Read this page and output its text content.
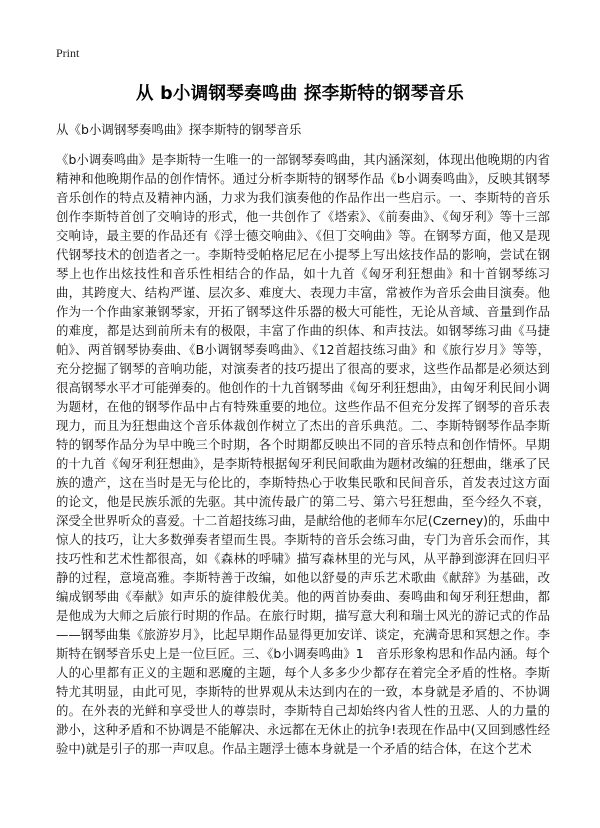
Print
从 b小调钢琴奏鸣曲 探李斯特的钢琴音乐
从《b小调钢琴奏鸣曲》探李斯特的钢琴音乐
《b小调奏鸣曲》是李斯特一生唯一的一部钢琴奏鸣曲，其内涵深刻，体现出他晚期的内省精神和他晚期作品的创作情怀。通过分析李斯特的钢琴作品《b小调奏鸣曲》，反映其钢琴音乐创作的特点及精神内涵，力求为我们演奏他的作品作出一些启示。一、李斯特的音乐创作李斯特首创了交响诗的形式，他一共创作了《塔索》、《前奏曲》、《匈牙利》等十三部交响诗，最主要的作品还有《浮士德交响曲》、《但丁交响曲》等。在钢琴方面，他又是现代钢琴技术的创造者之一。李斯特受帕格尼尼在小提琴上写出炫技作品的影响，尝试在钢琴上也作出炫技性和音乐性相结合的作品，如十九首《匈牙利狂想曲》和十首钢琴练习曲，其跨度大、结构严谨、层次多、难度大、表现力丰富，常被作为音乐会曲目演奏。他作为一个作曲家兼钢琴家，开拓了钢琴这件乐器的极大可能性，无论从音域、音量到作品的难度，都是达到前所未有的极限，丰富了作曲的织体、和声技法。如钢琴练习曲《马捷帕》、两首钢琴协奏曲、《B小调钢琴奏鸣曲》、《12首超技练习曲》和《旅行岁月》等等，充分挖掘了钢琴的音响功能，对演奏者的技巧提出了很高的要求，这些作品都是必须达到很高钢琴水平才可能弹奏的。他创作的十九首钢琴曲《匈牙利狂想曲》，由匈牙利民间小调为题材，在他的钢琴作品中占有特殊重要的地位。这些作品不但充分发挥了钢琴的音乐表现力，而且为狂想曲这个音乐体裁创作树立了杰出的音乐典范。二、李斯特钢琴作品李斯特的钢琴作品分为早中晚三个时期，各个时期都反映出不同的音乐特点和创作情怀。早期的十九首《匈牙利狂想曲》，是李斯特根据匈牙利民间歌曲为题材改编的狂想曲，继承了民族的遗产，这在当时是无与伦比的，李斯特热心于收集民歌和民间音乐，首发表过这方面的论文，他是民族乐派的先驱。其中流传最广的第二号、第六号狂想曲，至今经久不衰，深受全世界听众的喜爱。十二首超技练习曲，是献给他的老师车尔尼(Czerney)的，乐曲中惊人的技巧，让大多数弹奏者望而生畏。李斯特的音乐会练习曲，专门为音乐会而作，其技巧性和艺术性都很高，如《森林的呼啸》描写森林里的光与风，从平静到澎湃在回归平静的过程，意境高雅。李斯特善于改编，如他以舒曼的声乐艺术歌曲《献辞》为基础，改编成钢琴曲《奉献》如声乐的旋律般优美。他的两首协奏曲、奏鸣曲和匈牙利狂想曲，都是他成为大师之后旅行时期的作品。在旅行时期，描写意大利和瑞士风光的游记式的作品——钢琴曲集《旅游岁月》，比起早期作品显得更加安详、谈定，充满奇思和冥想之作。李斯特在钢琴音乐史上是一位巨匠。三、《b小调奏鸣曲》1　音乐形象构思和作品内涵。每个人的心里都有正义的主题和恶魔的主题，每个人多多少少都存在着完全矛盾的性格。李斯特尤其明显，由此可见，李斯特的世界观从未达到内在的一致，本身就是矛盾的、不协调的。在外表的光鲜和享受世人的尊崇时，李斯特自己却始终内省人性的丑恶、人的力量的渺小，这种矛盾和不协调是不能解决、永远都在无休止的抗争!表现在作品中(又回到感性经验中)就是引子的那一声叹息。作品主题浮士德本身就是一个矛盾的结合体，在这个艺术
